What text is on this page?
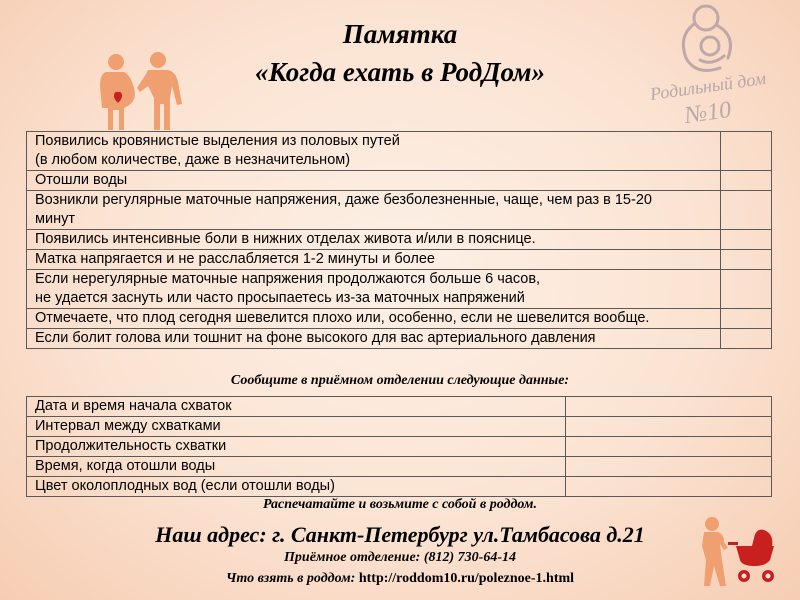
Памятка
«Когда ехать в РодДом»	Родильный дом
№10
Появились кровянистые выделения из половых путей
(в любом количестве, даже в незначительном)	

Отошли воды	

Возникли регулярные маточные напряжения, даже безболезненные, чаще, чем раз в 15-20
минут	

Появились интенсивные боли в нижних отделах живота и/или в пояснице.	

Матка напрягается и не расслабляется 1-2 минуты и более	

Если нерегулярные маточные напряжения продолжаются больше 6 часов,
не удается заснуть или часто просыпаетесь из-за маточных напряжений	

Отмечаете, что плод сегодня шевелится плохо или, особенно, если не шевелится вообще.	

Если болит голова или тошнит на фоне высокого для вас артериального давления	

Сообщите в приёмном отделении следующие данные:
Дата и время начала схваток	
Интервал между схватками	
Продолжительность схватки	
Время, когда отошли воды	
Цвет околоплодных вод (если отошли воды)	
Распечатайте и возьмите с собой в роддом.
Наш адрес: г. Санкт-Петербург ул.Тамбасова д.21
Приёмное отделение: (812) 730-64-14
Что взять в роддом: http://roddom10.ru/poleznoe-1.html
